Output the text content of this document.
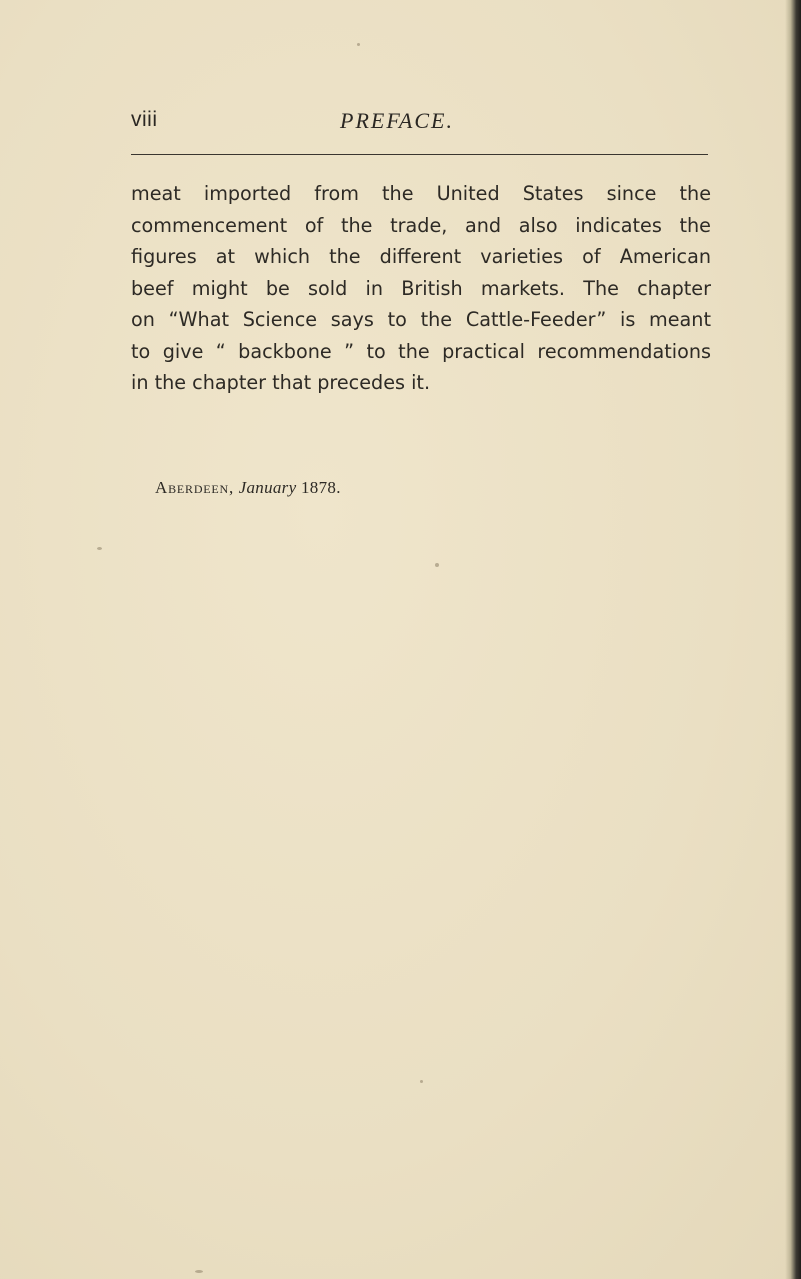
viii	PREFACE.
meat imported from the United States since the
commencement of the trade, and also indicates the
figures at which the different varieties of American
beef might be sold in British markets. The chapter
on “What Science says to the Cattle-Feeder” is meant
to give “ backbone ” to the practical recommendations
in the chapter that precedes it.
Aberdeen, January 1878.
